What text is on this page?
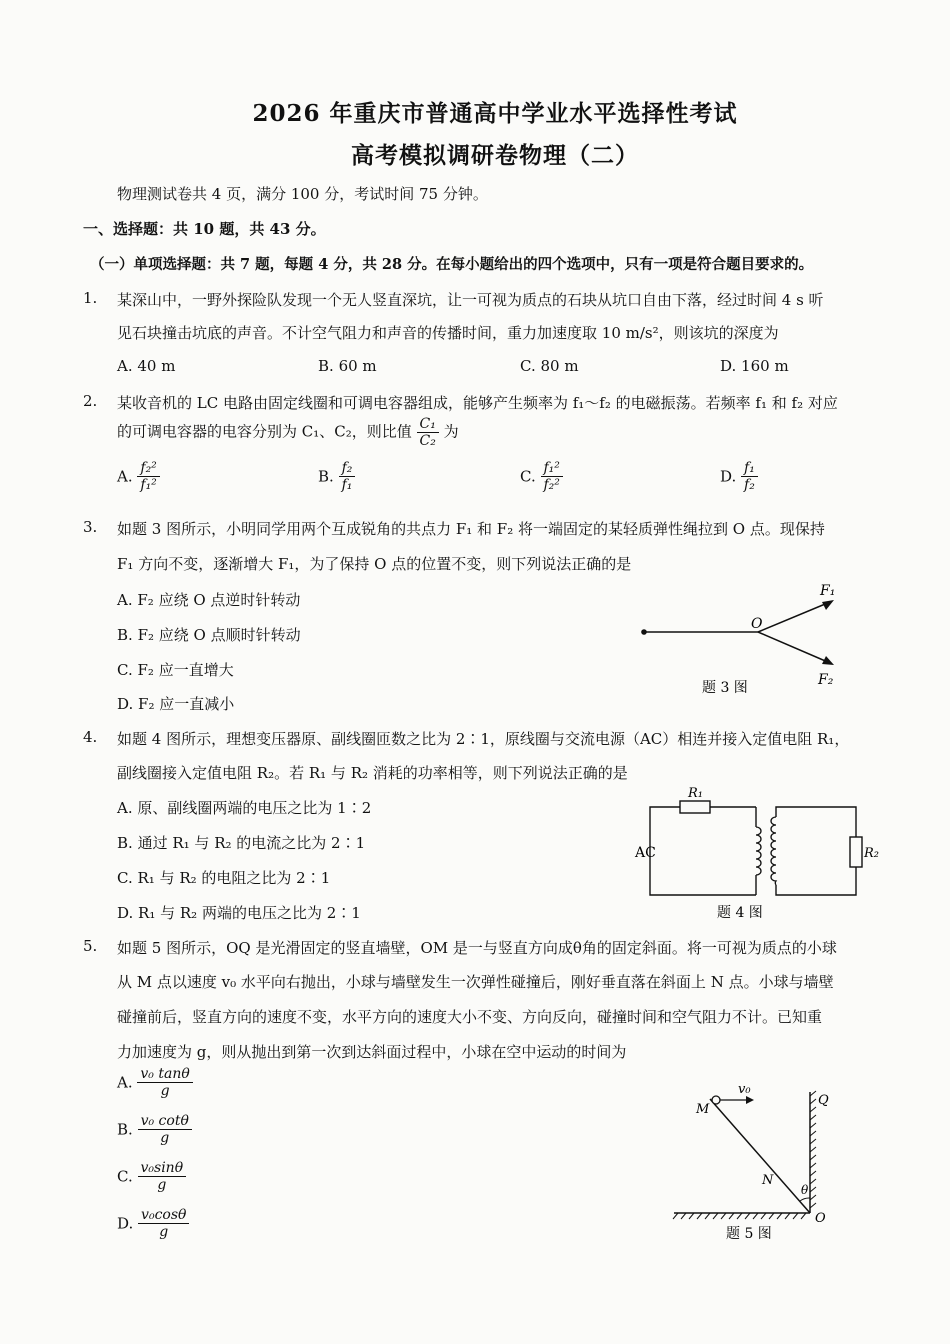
2026 年重庆市普通高中学业水平选择性考试
高考模拟调研卷物理（二）
物理测试卷共 4 页，满分 100 分，考试时间 75 分钟。
一、选择题：共 10 题，共 43 分。
（一）单项选择题：共 7 题，每题 4 分，共 28 分。在每小题给出的四个选项中，只有一项是符合题目要求的。
1. 某深山中，一野外探险队发现一个无人竖直深坑，让一可视为质点的石块从坑口自由下落，经过时间 4 s 听
见石块撞击坑底的声音。不计空气阻力和声音的传播时间，重力加速度取 10 m/s²，则该坑的深度为
A. 40 m	B. 60 m	C. 80 m	D. 160 m
2. 某收音机的 LC 电路由固定线圈和可调电容器组成，能够产生频率为 f₁～f₂ 的电磁振荡。若频率 f₁ 和 f₂ 对应
的可调电容器的电容分别为 C₁、C₂，则比值 $\frac{\text{C₁}}{\text{C₂}}$ 为
A. $\frac{\text{f₂²}}{\text{f₁²}}$	B. $\frac{\text{f₂}}{\text{f₁}}$	C. $\frac{\text{f₁²}}{\text{f₂²}}$	D. $\frac{\text{f₁}}{\text{f₂}}$
3. 如题 3 图所示，小明同学用两个互成锐角的共点力 F₁ 和 F₂ 将一端固定的某轻质弹性绳拉到 O 点。现保持
F₁ 方向不变，逐渐增大 F₁，为了保持 O 点的位置不变，则下列说法正确的是
A. F₂ 应绕 O 点逆时针转动
B. F₂ 应绕 O 点顺时针转动
C. F₂ 应一直增大
D. F₂ 应一直减小
O
F₁
F₂
题 3 图
4. 如题 4 图所示，理想变压器原、副线圈匝数之比为 2∶1，原线圈与交流电源（AC）相连并接入定值电阻 R₁，
副线圈接入定值电阻 R₂。若 R₁ 与 R₂ 消耗的功率相等，则下列说法正确的是
A. 原、副线圈两端的电压之比为 1∶2
B. 通过 R₁ 与 R₂ 的电流之比为 2∶1
C. R₁ 与 R₂ 的电阻之比为 2∶1
D. R₁ 与 R₂ 两端的电压之比为 2∶1
R₁
R₂
AC
题 4 图
5. 如题 5 图所示，OQ 是光滑固定的竖直墙壁，OM 是一与竖直方向成θ角的固定斜面。将一可视为质点的小球
从 M 点以速度 v₀ 水平向右抛出，小球与墙壁发生一次弹性碰撞后，刚好垂直落在斜面上 N 点。小球与墙壁
碰撞前后，竖直方向的速度不变，水平方向的速度大小不变、方向反向，碰撞时间和空气阻力不计。已知重
力加速度为 g，则从抛出到第一次到达斜面过程中，小球在空中运动的时间为
A. $\frac{\text{v₀ tanθ}}{g}$
B. $\frac{\text{v₀ cotθ}}{g}$
C. $\frac{\text{v₀sinθ}}{g}$
D. $\frac{\text{v₀cosθ}}{g}$
v₀
M
N
θ
Q
O
题 5 图
